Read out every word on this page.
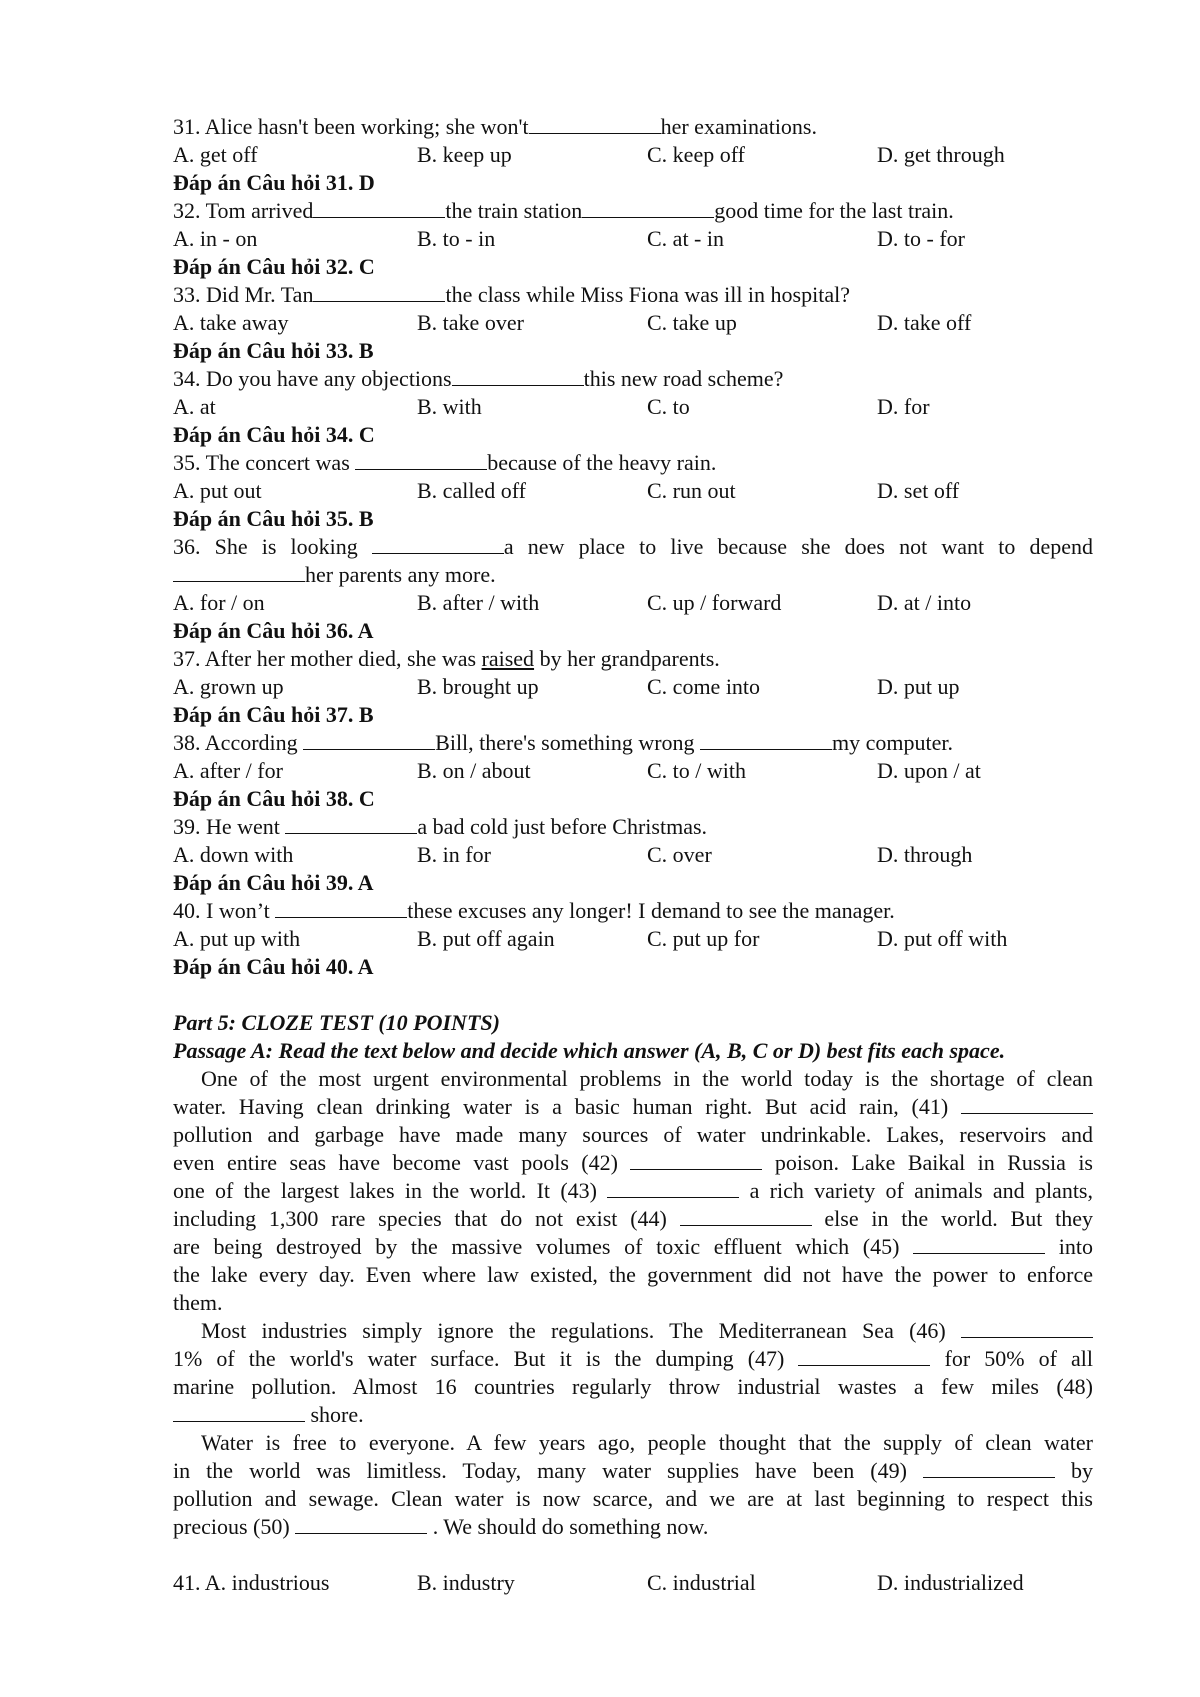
31. Alice hasn't been working; she won't	her examinations.
A. get off	B. keep up	C. keep off	D. get through
Đáp án Câu hỏi 31. D
32. Tom arrived	the train station	good time for the last train.
A. in - on	B. to - in	C. at - in	D. to - for
Đáp án Câu hỏi 32. C
33. Did Mr. Tan	the class while Miss Fiona was ill in hospital?
A. take away	B. take over	C. take up	D. take off
Đáp án Câu hỏi 33. B
34. Do you have any objections	this new road scheme?
A. at	B. with	C. to	D. for
Đáp án Câu hỏi 34. C
35. The concert was	because of the heavy rain.
A. put out	B. called off	C. run out	D. set off
Đáp án Câu hỏi 35. B
36. She is looking	a new place to live because she does not want to depend
her parents any more.
A. for / on	B. after / with	C. up / forward	D. at / into
Đáp án Câu hỏi 36. A
37. After her mother died, she was raised by her grandparents.
A. grown up	B. brought up	C. come into	D. put up
Đáp án Câu hỏi 37. B
38. According	Bill, there's something wrong	my computer.
A. after / for	B. on / about	C. to / with	D. upon / at
Đáp án Câu hỏi 38. C
39. He went	a bad cold just before Christmas.
A. down with	B. in for	C. over	D. through
Đáp án Câu hỏi 39. A
40. I won’t	these excuses any longer! I demand to see the manager.
A. put up with	B. put off again	C. put up for	D. put off with
Đáp án Câu hỏi 40. A
Part 5: CLOZE TEST (10 POINTS)
Passage A: Read the text below and decide which answer (A, B, C or D) best fits each space.
One of the most urgent environmental problems in the world today is the shortage of clean
water. Having clean drinking water is a basic human right. But acid rain, (41)
pollution and garbage have made many sources of water undrinkable. Lakes, reservoirs and
even entire seas have become vast pools (42)	poison. Lake Baikal in Russia is
one of the largest lakes in the world. It (43)	a rich variety of animals and plants,
including 1,300 rare species that do not exist (44)	else in the world. But they
are being destroyed by the massive volumes of toxic effluent which (45)	into
the lake every day. Even where law existed, the government did not have the power to enforce
them.
Most industries simply ignore the regulations. The Mediterranean Sea (46)
1% of the world's water surface. But it is the dumping (47)	for 50% of all
marine pollution. Almost 16 countries regularly throw industrial wastes a few miles (48)
shore.
Water is free to everyone. A few years ago, people thought that the supply of clean water
in the world was limitless. Today, many water supplies have been (49)	by
pollution and sewage. Clean water is now scarce, and we are at last beginning to respect this
precious (50)	. We should do something now.
41. A. industrious	B. industry	C. industrial	D. industrialized
